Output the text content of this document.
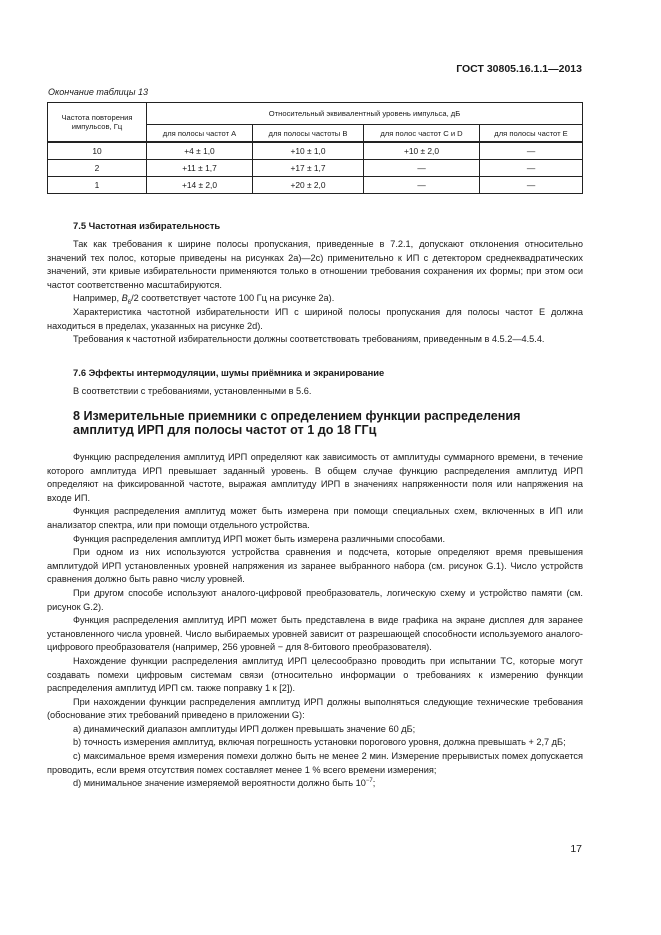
ГОСТ 30805.16.1.1—2013
Окончание таблицы 13
Частота повторения импульсов, Гц	Относительный эквивалентный уровень импульса, дБ			
	для полосы частот A	для полосы частоты B	для полос частот C и D	для полосы частот E
10	+4 ± 1,0	+10 ± 1,0	+10 ± 2,0	—
2	+11 ± 1,7	+17 ± 1,7	—	—
1	+14 ± 2,0	+20 ± 2,0	—	—
7.5 Частотная избирательность

Так как требования к ширине полосы пропускания, приведенные в 7.2.1, допускают отклонения относительно значений тех полос, которые приведены на рисунках 2a)—2c) применительно к ИП с детектором среднеквадратических значений, эти кривые избирательности применяются только в отношении требования сохранения их формы; при этом оси частот соответственно масштабируются.

Например, $B_6/2$ соответствует частоте 100 Гц на рисунке 2a).

Характеристика частотной избирательности ИП с шириной полосы пропускания для полосы частот E должна находиться в пределах, указанных на рисунке 2d).

Требования к частотной избирательности должны соответствовать требованиям, приведенным в 4.5.2—4.5.4.

7.6 Эффекты интермодуляции, шумы приёмника и экранирование

В соответствии с требованиями, установленными в 5.6.

8 Измерительные приемники с определением функции распределения амплитуд ИРП для полосы частот от 1 до 18 ГГц

Функцию распределения амплитуд ИРП определяют как зависимость от амплитуды суммарного времени, в течение которого амплитуда ИРП превышает заданный уровень. В общем случае функцию распределения амплитуд ИРП определяют на фиксированной частоте, выражая амплитуду ИРП в значениях напряженности поля или напряжения на входе ИП.

Функция распределения амплитуд может быть измерена при помощи специальных схем, включенных в ИП или анализатор спектра, или при помощи отдельного устройства.

Функция распределения амплитуд ИРП может быть измерена различными способами.

При одном из них используются устройства сравнения и подсчета, которые определяют время превышения амплитудой ИРП установленных уровней напряжения из заранее выбранного набора (см. рисунок G.1). Число устройств сравнения должно быть равно числу уровней.

При другом способе используют аналого-цифровой преобразователь, логическую схему и устройство памяти (см. рисунок G.2).

Функция распределения амплитуд ИРП может быть представлена в виде графика на экране дисплея для заранее установленного числа уровней. Число выбираемых уровней зависит от разрешающей способности используемого аналого-цифрового преобразователя (например, 256 уровней − для 8-битового преобразователя).

Нахождение функции распределения амплитуд ИРП целесообразно проводить при испытании ТС, которые могут создавать помехи цифровым системам связи (относительно информации о требованиях к измерению функции распределения амплитуд ИРП см. также поправку 1 к [2]).

При нахождении функции распределения амплитуд ИРП должны выполняться следующие технические требования (обоснование этих требований приведено в приложении G):

a) динамический диапазон амплитуды ИРП должен превышать значение 60 дБ;

b) точность измерения амплитуд, включая погрешность установки порогового уровня, должна превышать + 2,7 дБ;

c) максимальное время измерения помехи должно быть не менее 2 мин. Измерение прерывистых помех допускается проводить, если время отсутствия помех составляет менее 1 % всего времени измерения;

d) минимальное значение измеряемой вероятности должно быть $10^{-7}$;

17
